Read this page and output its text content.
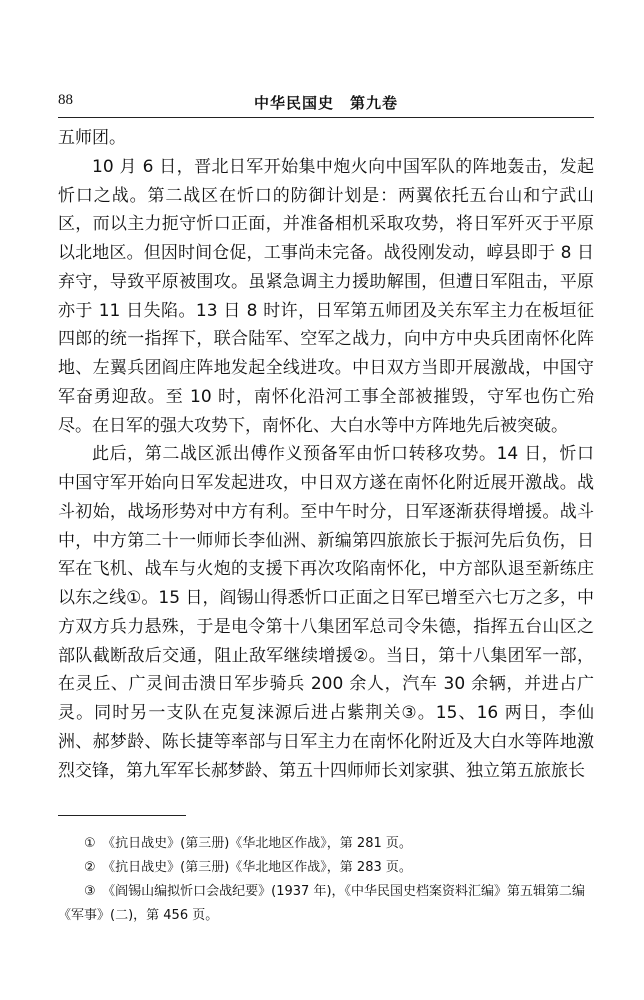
88	中华民国史　第九卷

五师团。

10 月 6 日，晋北日军开始集中炮火向中国军队的阵地轰击，发起忻口之战。第二战区在忻口的防御计划是：两翼依托五台山和宁武山区，而以主力扼守忻口正面，并准备相机采取攻势，将日军歼灭于平原以北地区。但因时间仓促，工事尚未完备。战役刚发动，崞县即于 8 日弃守，导致平原被围攻。虽紧急调主力援助解围，但遭日军阻击，平原亦于 11 日失陷。13 日 8 时许，日军第五师团及关东军主力在板垣征四郎的统一指挥下，联合陆军、空军之战力，向中方中央兵团南怀化阵地、左翼兵团阎庄阵地发起全线进攻。中日双方当即开展激战，中国守军奋勇迎敌。至 10 时，南怀化沿河工事全部被摧毁，守军也伤亡殆尽。在日军的强大攻势下，南怀化、大白水等中方阵地先后被突破。

此后，第二战区派出傅作义预备军由忻口转移攻势。14 日，忻口中国守军开始向日军发起进攻，中日双方遂在南怀化附近展开激战。战斗初始，战场形势对中方有利。至中午时分，日军逐渐获得增援。战斗中，中方第二十一师师长李仙洲、新编第四旅旅长于振河先后负伤，日军在飞机、战车与火炮的支援下再次攻陷南怀化，中方部队退至新练庄以东之线①。15 日，阎锡山得悉忻口正面之日军已增至六七万之多，中方双方兵力悬殊，于是电令第十八集团军总司令朱德，指挥五台山区之部队截断敌后交通，阻止敌军继续增援②。当日，第十八集团军一部，在灵丘、广灵间击溃日军步骑兵 200 余人，汽车 30 余辆，并进占广灵。同时另一支队在克复涞源后进占紫荆关③。15、16 两日，李仙洲、郝梦龄、陈长捷等率部与日军主力在南怀化附近及大白水等阵地激烈交锋，第九军军长郝梦龄、第五十四师师长刘家骐、独立第五旅旅长

①　《抗日战史》(第三册)《华北地区作战》，第 281 页。

②　《抗日战史》(第三册)《华北地区作战》，第 283 页。

③　《阎锡山编拟忻口会战纪要》(1937 年)，《中华民国史档案资料汇编》第五辑第二编《军事》(二)，第 456 页。
